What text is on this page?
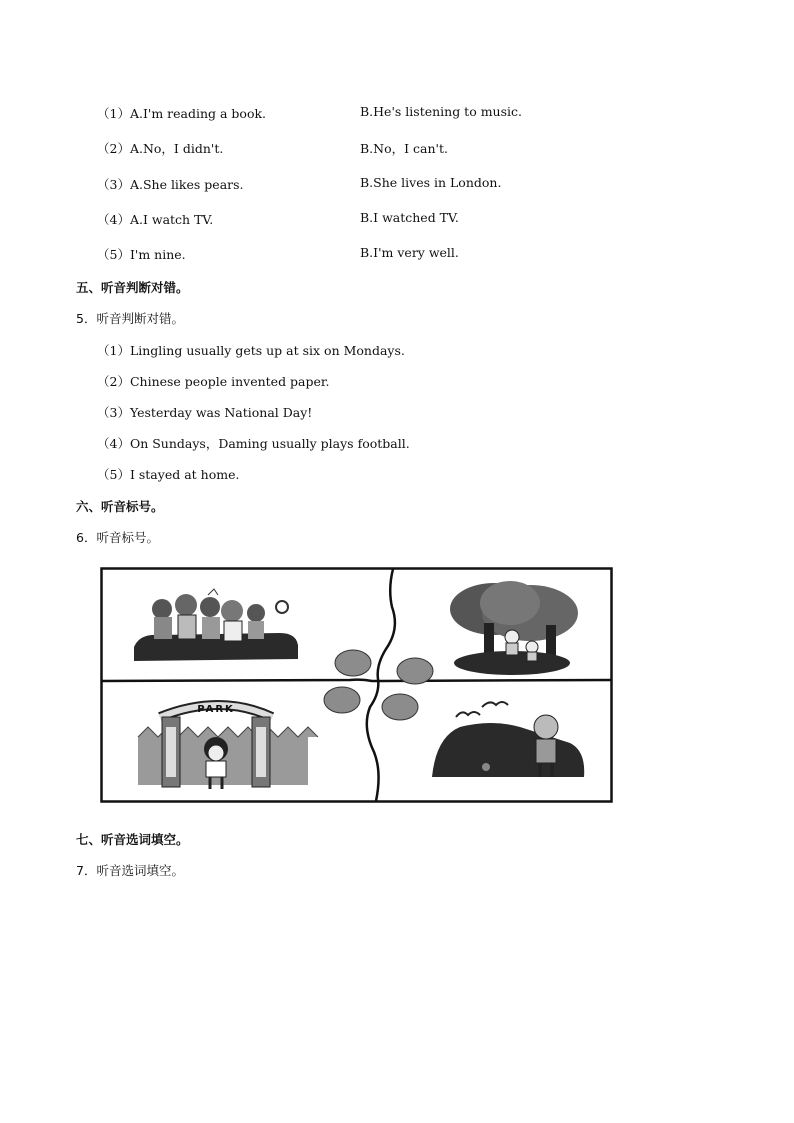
（1）A.I'm reading a book.	B.He's listening to music.
（2）A.No，I didn't.	B.No，I can't.
（3）A.She likes pears.	B.She lives in London.
（4）A.I watch TV.	B.I watched TV.
（5）I'm nine.	B.I'm very well.
五、听音判断对错。
5．听音判断对错。
（1）Lingling usually gets up at six on Mondays.
（2）Chinese people invented paper.
（3）Yesterday was National Day!
（4）On Sundays，Daming usually plays football.
（5）I stayed at home.
六、听音标号。
6．听音标号。
PARK
七、听音选词填空。
7．听音选词填空。
